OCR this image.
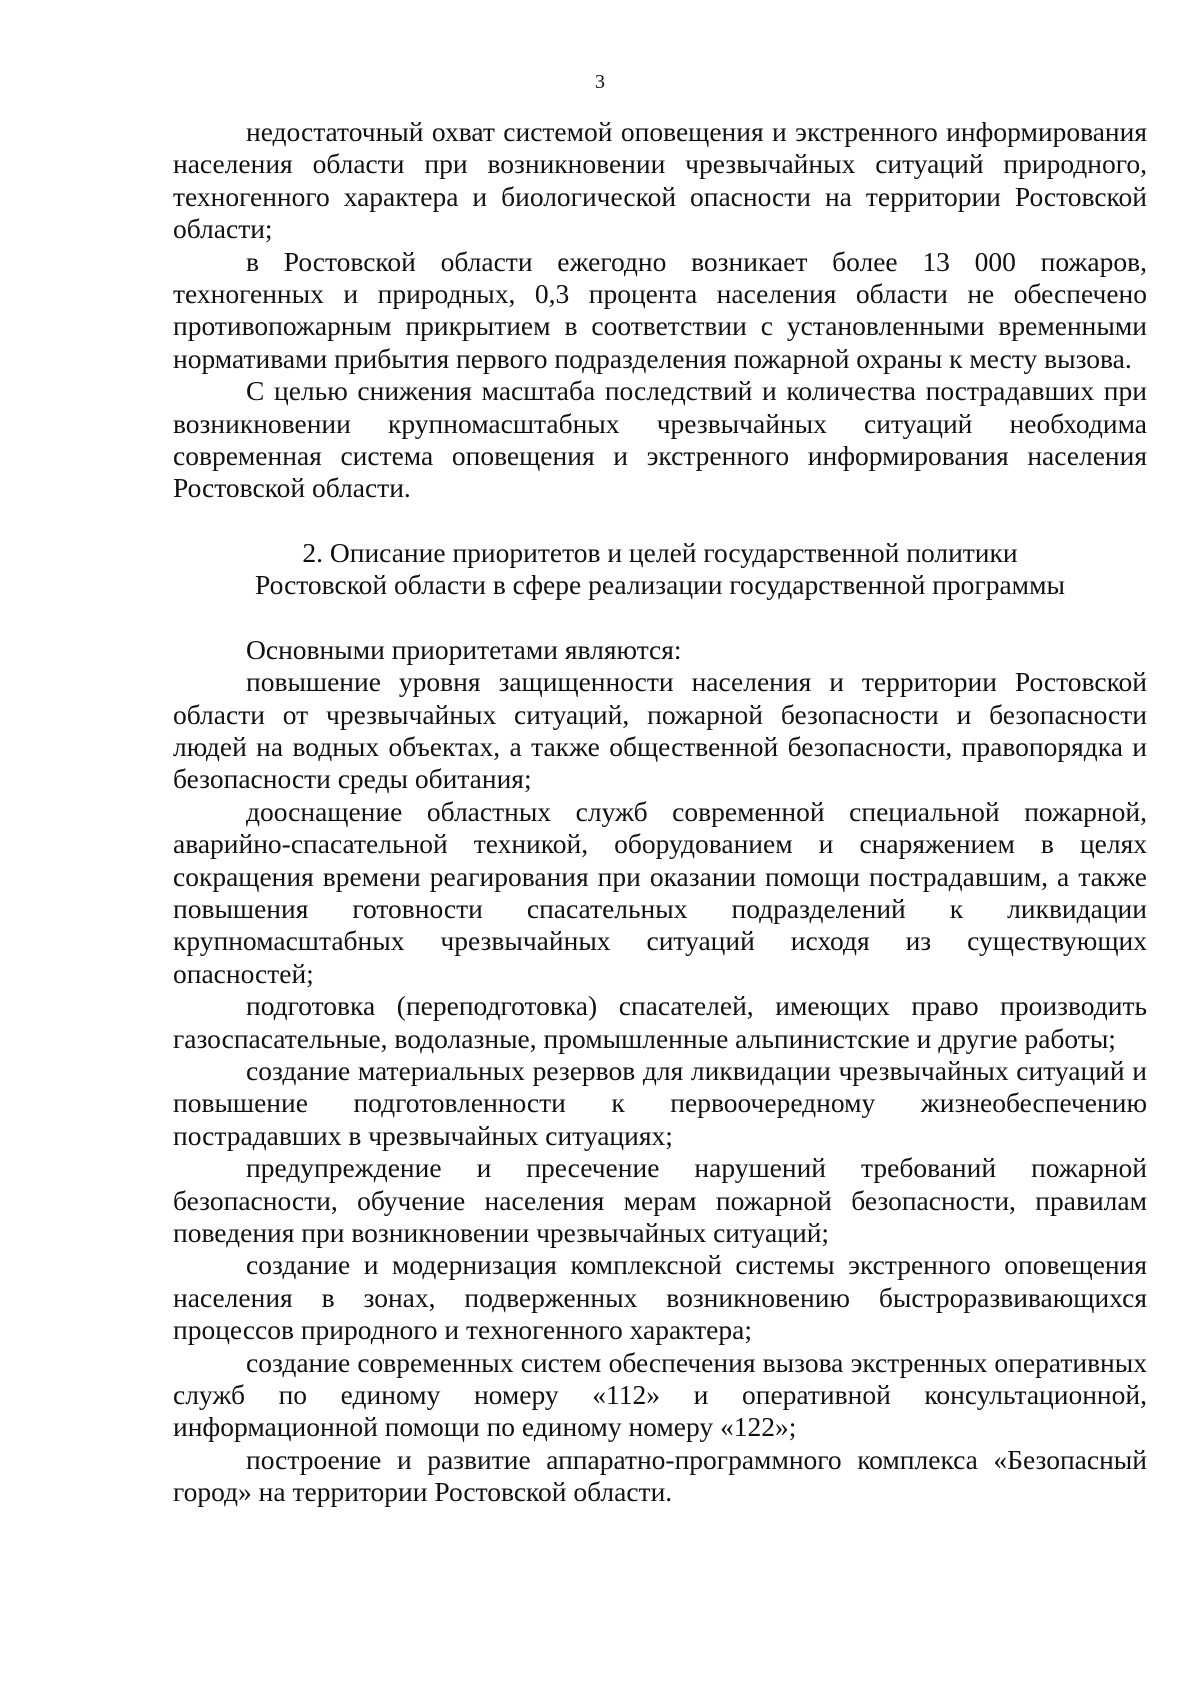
3

недостаточный охват системой оповещения и экстренного информирования населения области при возникновении чрезвычайных ситуаций природного, техногенного характера и биологической опасности на территории Ростовской области;

в Ростовской области ежегодно возникает более 13 000 пожаров, техногенных и природных, 0,3 процента населения области не обеспечено противопожарным прикрытием в соответствии с установленными временными нормативами прибытия первого подразделения пожарной охраны к месту вызова.

С целью снижения масштаба последствий и количества пострадавших при возникновении крупномасштабных чрезвычайных ситуаций необходима современная система оповещения и экстренного информирования населения Ростовской области.

2. Описание приоритетов и целей государственной политики

Ростовской области в сфере реализации государственной программы

Основными приоритетами являются:

повышение уровня защищенности населения и территории Ростовской области от чрезвычайных ситуаций, пожарной безопасности и безопасности людей на водных объектах, а также общественной безопасности, правопорядка и безопасности среды обитания;

дооснащение областных служб современной специальной пожарной, аварийно-спасательной техникой, оборудованием и снаряжением в целях сокращения времени реагирования при оказании помощи пострадавшим, а также повышения готовности спасательных подразделений к ликвидации крупномасштабных чрезвычайных ситуаций исходя из существующих опасностей;

подготовка (переподготовка) спасателей, имеющих право производить газоспасательные, водолазные, промышленные альпинистские и другие работы;

создание материальных резервов для ликвидации чрезвычайных ситуаций и повышение подготовленности к первоочередному жизнеобеспечению пострадавших в чрезвычайных ситуациях;

предупреждение и пресечение нарушений требований пожарной безопасности, обучение населения мерам пожарной безопасности, правилам поведения при возникновении чрезвычайных ситуаций;

создание и модернизация комплексной системы экстренного оповещения населения в зонах, подверженных возникновению быстроразвивающихся процессов природного и техногенного характера;

создание современных систем обеспечения вызова экстренных оперативных служб по единому номеру «112» и оперативной консультационной, информационной помощи по единому номеру «122»;

построение и развитие аппаратно-программного комплекса «Безопасный город» на территории Ростовской области.
